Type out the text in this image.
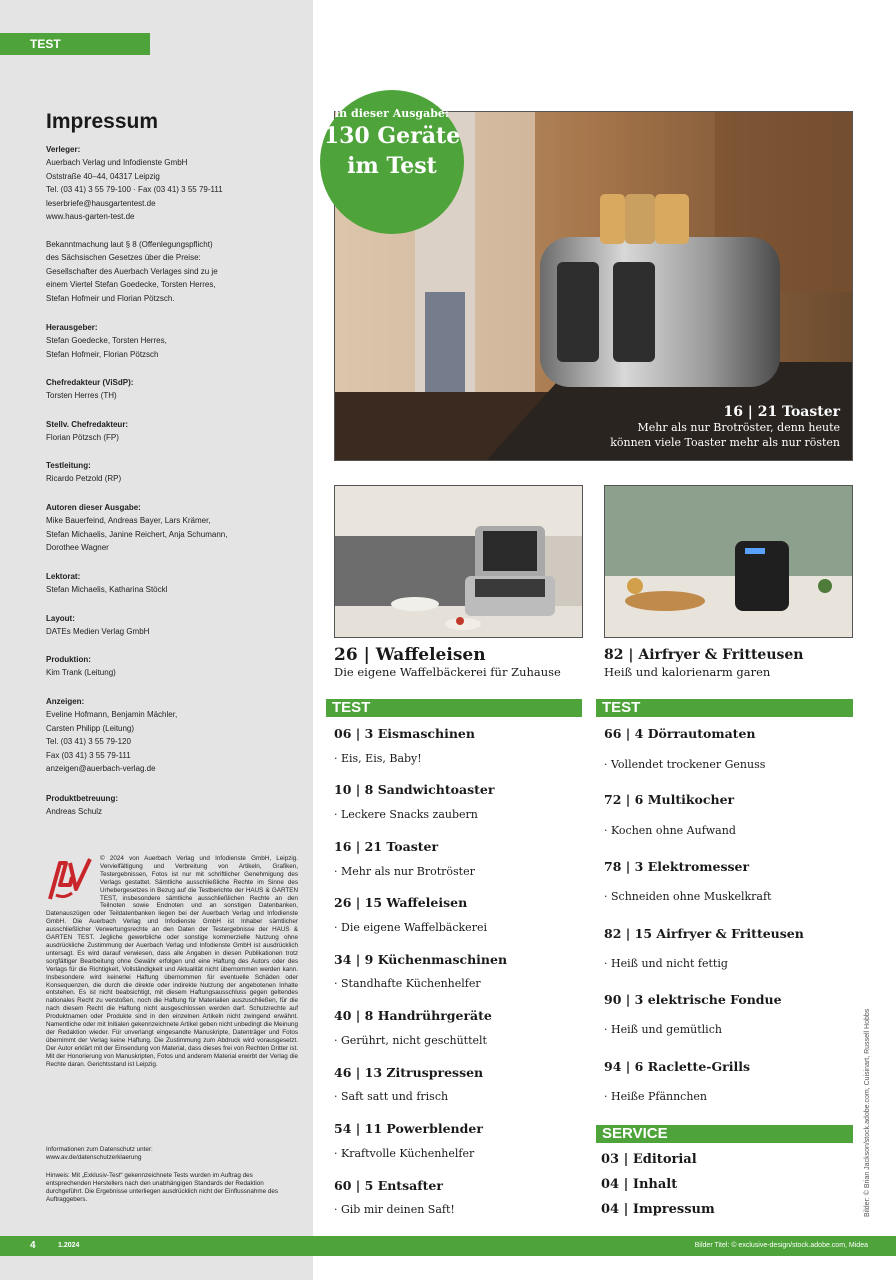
TEST
Impressum
Verleger:
Auerbach Verlag und Infodienste GmbH
Oststraße 40–44, 04317 Leipzig
Tel. (03 41) 3 55 79-100 · Fax (03 41) 3 55 79-111
leserbriefe@hausgartentest.de
www.haus-garten-test.de
Bekanntmachung laut § 8 (Offenlegungspflicht)
des Sächsischen Gesetzes über die Preise:
Gesellschafter des Auerbach Verlages sind zu je
einem Viertel Stefan Goedecke, Torsten Herres,
Stefan Hofmeir und Florian Pötzsch.
Herausgeber:
Stefan Goedecke, Torsten Herres,
Stefan Hofmeir, Florian Pötzsch
Chefredakteur (ViSdP):
Torsten Herres (TH)
Stellv. Chefredakteur:
Florian Pötzsch (FP)
Testleitung:
Ricardo Petzold (RP)
Autoren dieser Ausgabe:
Mike Bauerfeind, Andreas Bayer, Lars Krämer,
Stefan Michaelis, Janine Reichert, Anja Schumann,
Dorothee Wagner
Lektorat:
Stefan Michaelis, Katharina Stöckl
Layout:
DATEs Medien Verlag GmbH
Produktion:
Kim Trank (Leitung)
Anzeigen:
Eveline Hofmann, Benjamin Mächler,
Carsten Philipp (Leitung)
Tel. (03 41) 3 55 79-120
Fax (03 41) 3 55 79-111
anzeigen@auerbach-verlag.de
Produktbetreuung:
Andreas Schulz
© 2024 von Auerbach Verlag und Infodienste GmbH, Leipzig. Vervielfältigung und Verbreitung von Artikeln, Grafiken, Testergebnissen, Fotos ist nur mit schriftlicher Genehmigung des Verlags gestattet. Sämtliche ausschließliche Rechte im Sinne des Urhebergesetzes in Bezug auf die Testberichte der HAUS & GARTEN TEST, insbesondere sämtliche ausschließlichen Rechte an den Teilnoten sowie Endnoten und an sonstigen Datenbanken, Datenauszügen oder Teildatenbanken liegen bei der Auerbach Verlag und Infodienste GmbH. Die Auerbach Verlag und Infodienste GmbH ist Inhaber sämtlicher ausschließlicher Verwertungsrechte an den Daten der Testergebnisse der HAUS & GARTEN TEST. Jegliche gewerbliche oder sonstige kommerzielle Nutzung ohne ausdrückliche Zustimmung der Auerbach Verlag und Infodienste GmbH ist ausdrücklich untersagt. Es wird darauf verwiesen, dass alle Angaben in diesen Publikationen trotz sorgfältiger Bearbeitung ohne Gewähr erfolgen und eine Haftung des Autors oder des Verlags für die Richtigkeit, Vollständigkeit und Aktualität nicht übernommen werden kann. Insbesondere wird keinerlei Haftung übernommen für eventuelle Schäden oder Konsequenzen, die durch die direkte oder indirekte Nutzung der angebotenen Inhalte entstehen. Es ist nicht beabsichtigt, mit diesem Haftungsausschluss gegen geltendes nationales Recht zu verstoßen, noch die Haftung für Materialien auszuschließen, für die nach diesem Recht die Haftung nicht ausgeschlossen werden darf. Schutzrechte auf Produktnamen oder Produkte sind in den einzelnen Artikeln nicht zwingend erwähnt. Namentliche oder mit Initialen gekennzeichnete Artikel geben nicht unbedingt die Meinung der Redaktion wieder. Für unverlangt eingesandte Manuskripte, Datenträger und Fotos übernimmt der Verlag keine Haftung. Die Zustimmung zum Abdruck wird vorausgesetzt. Der Autor erklärt mit der Einsendung von Material, dass dieses frei von Rechten Dritter ist. Mit der Honorierung von Manuskripten, Fotos und anderem Material erwirbt der Verlag die Rechte daran. Gerichtsstand ist Leipzig.
Informationen zum Datenschutz unter:
www.av.de/datenschutzerklaerung
Hinweis: Mit „Exklusiv-Test“ gekennzeichnete Tests wurden im Auftrag des entsprechenden Herstellers nach den unabhängigen Standards der Redaktion durchgeführt. Die Ergebnisse unterliegen ausdrücklich nicht der Einflussnahme des Auftraggebers.
16 | 21 Toaster
Mehr als nur Brotröster, denn heute
können viele Toaster mehr als nur rösten
in dieser Ausgabe:
130 Geräte
im Test
26 | Waffeleisen
Die eigene Waffelbäckerei für Zuhause
82 | Airfryer & Fritteusen
Heiß und kalorienarm garen
TEST
06 | 3 Eismaschinen
· Eis, Eis, Baby!
10 | 8 Sandwichtoaster
· Leckere Snacks zaubern
16 | 21 Toaster
· Mehr als nur Brotröster
26 | 15 Waffeleisen
· Die eigene Waffelbäckerei
34 | 9 Küchenmaschinen
· Standhafte Küchenhelfer
40 | 8 Handrührgeräte
· Gerührt, nicht geschüttelt
46 | 13 Zitruspressen
· Saft satt und frisch
54 | 11 Powerblender
· Kraftvolle Küchenhelfer
60 | 5 Entsafter
· Gib mir deinen Saft!
TEST
66 | 4 Dörrautomaten
· Vollendet trockener Genuss
72 | 6 Multikocher
· Kochen ohne Aufwand
78 | 3 Elektromesser
· Schneiden ohne Muskelkraft
82 | 15 Airfryer & Fritteusen
· Heiß und nicht fettig
90 | 3 elektrische Fondue
· Heiß und gemütlich
94 | 6 Raclette-Grills
· Heiße Pfännchen
SERVICE
03 | Editorial
04 | Inhalt
04 | Impressum	Bilder: © Brian Jackson/stock.adobe.com, Cuisinart, Russell Hobbs
4	1.2024	Bilder Titel: © exclusive-design/stock.adobe.com, Midea
